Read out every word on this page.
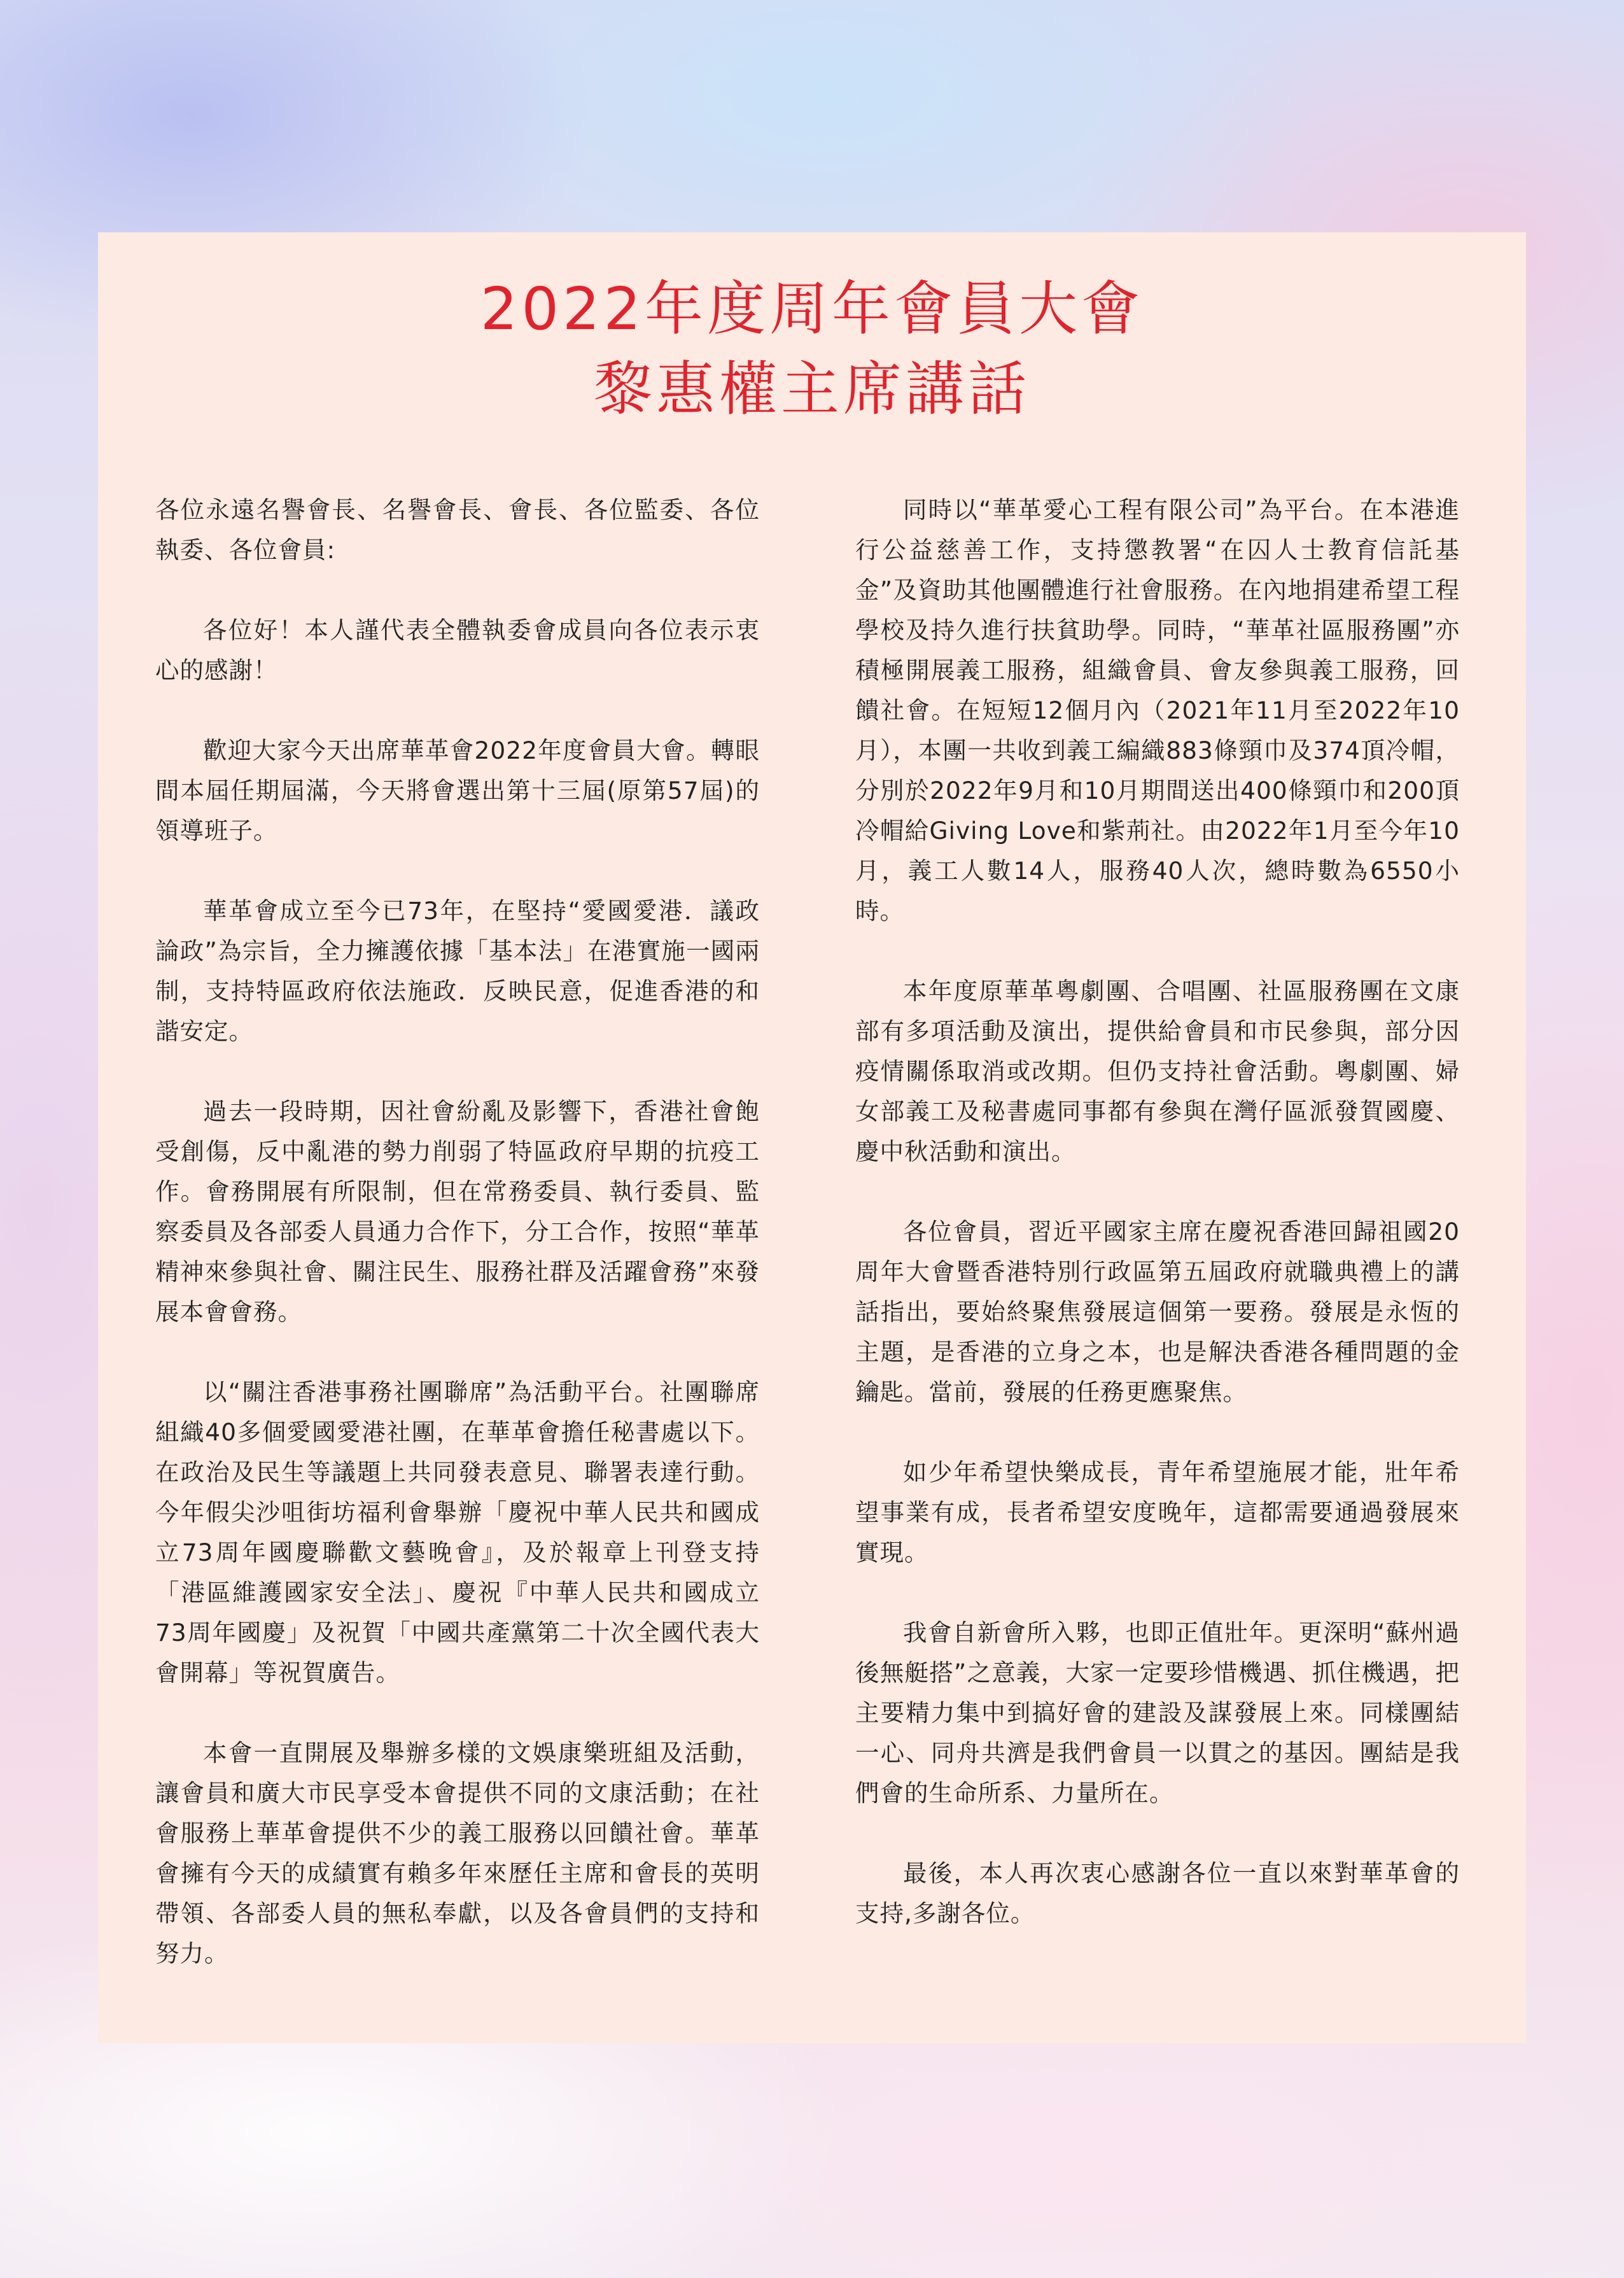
2022年度周年會員大會
黎惠權主席講話

各位永遠名譽會長、名譽會長、會長、各位監委、各位執委、各位會員:

各位好！本人謹代表全體執委會成員向各位表示衷心的感謝！

歡迎大家今天出席華革會2022年度會員大會。轉眼間本屆任期屆滿，今天將會選出第十三屆(原第57屆)的領導班子。

華革會成立至今已73年，在堅持“愛國愛港．議政論政”為宗旨，全力擁護依據「基本法」在港實施一國兩制，支持特區政府依法施政．反映民意，促進香港的和諧安定。

過去一段時期，因社會紛亂及影響下，香港社會飽受創傷，反中亂港的勢力削弱了特區政府早期的抗疫工作。會務開展有所限制，但在常務委員、執行委員、監察委員及各部委人員通力合作下，分工合作，按照“華革精神來參與社會、關注民生、服務社群及活躍會務”來發展本會會務。

以“關注香港事務社團聯席”為活動平台。社團聯席組織40多個愛國愛港社團，在華革會擔任秘書處以下。在政治及民生等議題上共同發表意見、聯署表達行動。今年假尖沙咀街坊福利會舉辦「慶祝中華人民共和國成立73周年國慶聯歡文藝晚會』，及於報章上刊登支持「港區維護國家安全法」、慶祝『中華人民共和國成立73周年國慶」及祝賀「中國共產黨第二十次全國代表大會開幕」等祝賀廣告。

本會一直開展及舉辦多樣的文娛康樂班組及活動，讓會員和廣大市民享受本會提供不同的文康活動；在社會服務上華革會提供不少的義工服務以回饋社會。華革會擁有今天的成績實有賴多年來歷任主席和會長的英明帶領、各部委人員的無私奉獻，以及各會員們的支持和努力。

同時以“華革愛心工程有限公司”為平台。在本港進行公益慈善工作，支持懲教署“在囚人士教育信託基金”及資助其他團體進行社會服務。在內地捐建希望工程學校及持久進行扶貧助學。同時，“華革社區服務團”亦積極開展義工服務，組織會員、會友參與義工服務，回饋社會。在短短12個月內（2021年11月至2022年10月），本團一共收到義工編織883條頸巾及374頂冷帽，分別於2022年9月和10月期間送出400條頸巾和200頂冷帽給Giving Love和紫荊社。由2022年1月至今年10月，義工人數14人，服務40人次，總時數為6550小時。

本年度原華革粵劇團、合唱團、社區服務團在文康部有多項活動及演出，提供給會員和市民參與，部分因疫情關係取消或改期。但仍支持社會活動。粵劇團、婦女部義工及秘書處同事都有參與在灣仔區派發賀國慶、慶中秋活動和演出。

各位會員，習近平國家主席在慶祝香港回歸祖國20周年大會暨香港特別行政區第五屆政府就職典禮上的講話指出，要始終聚焦發展這個第一要務。發展是永恆的主題，是香港的立身之本，也是解決香港各種問題的金鑰匙。當前，發展的任務更應聚焦。

如少年希望快樂成長，青年希望施展才能，壯年希望事業有成，長者希望安度晚年，這都需要通過發展來實現。

我會自新會所入夥，也即正值壯年。更深明“蘇州過後無艇搭”之意義，大家一定要珍惜機遇、抓住機遇，把主要精力集中到搞好會的建設及謀發展上來。同樣團結一心、同舟共濟是我們會員一以貫之的基因。團結是我們會的生命所系、力量所在。

最後，本人再次衷心感謝各位一直以來對華革會的支持,多謝各位。
